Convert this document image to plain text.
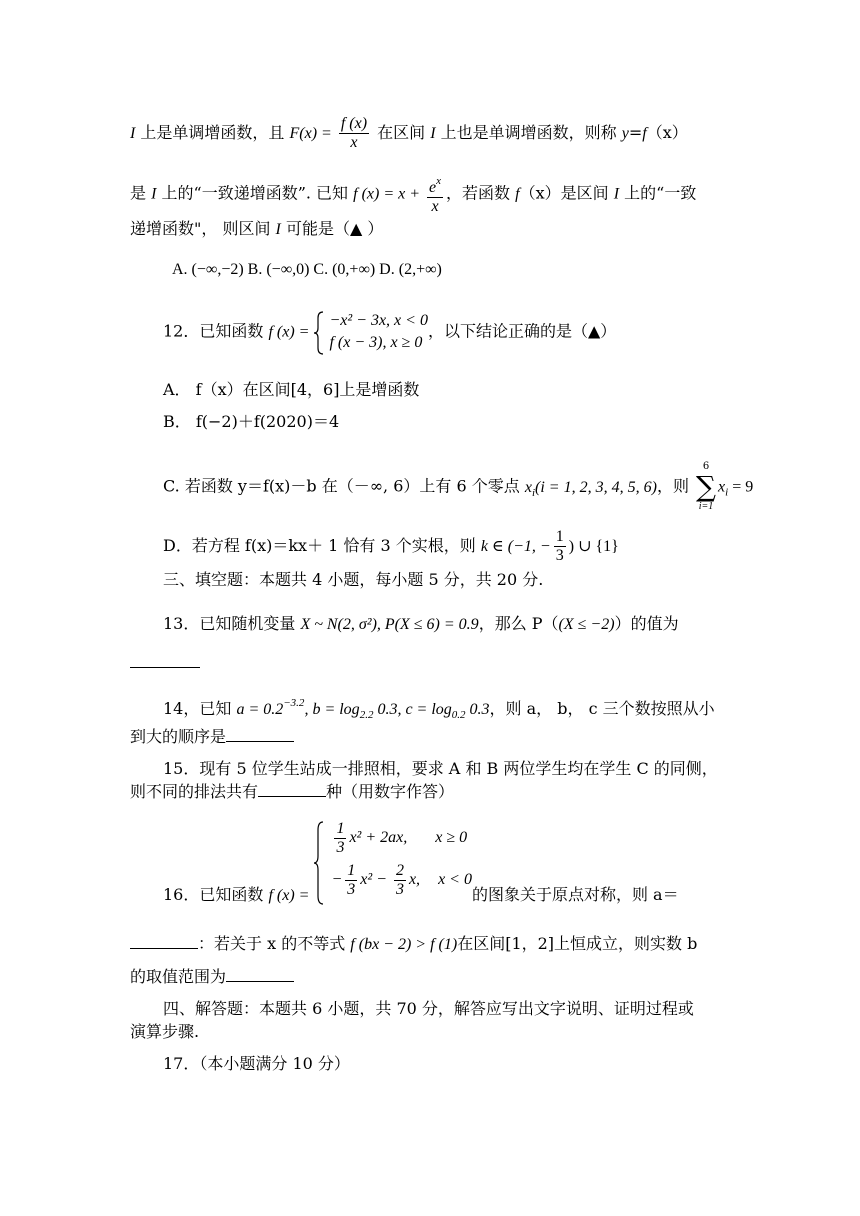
I 上是单调增函数，且 $F(x) = \frac{f (x)}{x}$ 在区间 I 上也是单调增函数，则称 y=f（x）
是 I 上的“一致递增函数”. 已知 f $(x) = x + \frac{e^x}{x}$ ，若函数 f（x）是区间 I 上的“一致
递增函数"， 则区间 I 可能是（▲ ）
A. (−∞,−2) B. (−∞,0) C. (0,+∞) D. (2,+∞)
12．已知函数 f (x) =
−x² − 3x, x < 0
f (x − 3), x ≥ 0
，以下结论正确的是（▲）
A． f（x）在区间[4，6]上是增函数
B． f(−2)＋f(2020)＝4
C. 若函数 y＝f(x)－b 在（－∞, 6）上有 6 个零点 $x_i(i = 1$, 2, 3, 4, 5, 6)，则
6
∑
i=1
$x_i = 9$
D．若方程 f(x)＝kx＋ 1 恰有 3 个实根，则 k ∈ (−1, − $\frac{1}{3}$ ) ∪ {1}
三、填空题：本题共 4 小题，每小题 5 分，共 20 分.
13．已知随机变量 X ~ N(2, σ²), P(X ≤ 6) = 0.9，那么 P（(X ≤ −2)）的值为
14，已知 $a = 0.2^{-3.2}$, $b = \log_{2.2} 0.3$, $c = \log_{0.2} 0.3$，则 a， b， c 三个数按照从小
到大的顺序是
15．现有 5 位学生站成一排照相，要求 A 和 B 两位学生均在学生 C 的同侧，
则不同的排法共有	种（用数字作答）
16．已知函数 f (x) =
$\frac{1}{3} x^2 + 2ax$, x ≥ 0
− $\frac{1}{3} x^2 - \frac{2}{3} x$, x < 0
的图象关于原点对称，则 a＝
：若关于 x 的不等式 f (bx − 2) > f (1)在区间[1，2]上恒成立，则实数 b
的取值范围为
四、解答题：本题共 6 小题，共 70 分，解答应写出文字说明、证明过程或
演算步骤.
17．（本小题满分 10 分）
